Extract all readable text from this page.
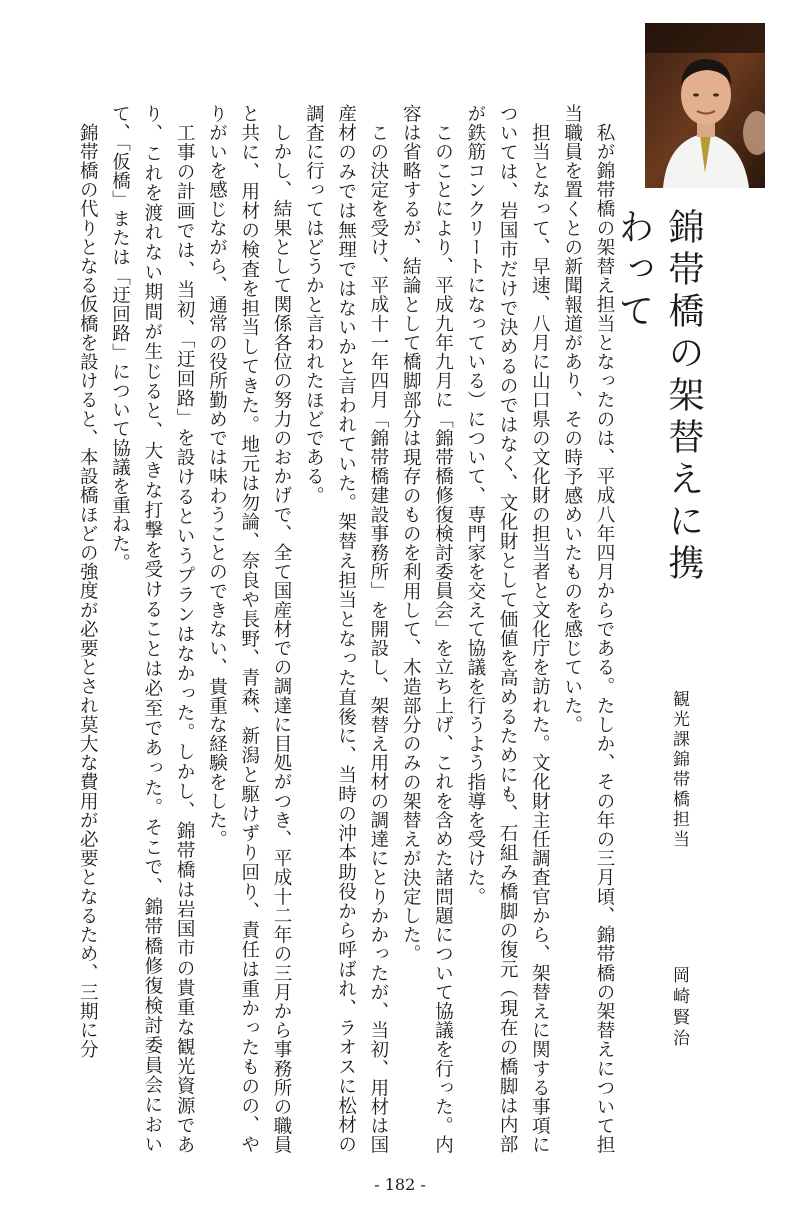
錦帯橋の架替えに携わって
観光課錦帯橋担当
岡崎賢治

私が錦帯橋の架替え担当となったのは、平成八年四月からである。たしか、その年の三月頃、錦帯橋の架替えについて担当職員を置くとの新聞報道があり、その時予感めいたものを感じていた。

担当となって、早速、八月に山口県の文化財の担当者と文化庁を訪れた。文化財主任調査官から、架替えに関する事項については、岩国市だけで決めるのではなく、文化財として価値を高めるためにも、石組み橋脚の復元（現在の橋脚は内部が鉄筋コンクリートになっている）について、専門家を交えて協議を行うよう指導を受けた。

このことにより、平成九年九月に「錦帯橋修復検討委員会」を立ち上げ、これを含めた諸問題について協議を行った。内容は省略するが、結論として橋脚部分は現存のものを利用して、木造部分のみの架替えが決定した。

この決定を受け、平成十一年四月「錦帯橋建設事務所」を開設し、架替え用材の調達にとりかかったが、当初、用材は国産材のみでは無理ではないかと言われていた。架替え担当となった直後に、当時の沖本助役から呼ばれ、ラオスに松材の調査に行ってはどうかと言われたほどである。

しかし、結果として関係各位の努力のおかげで、全て国産材での調達に目処がつき、平成十二年の三月から事務所の職員と共に、用材の検査を担当してきた。地元は勿論、奈良や長野、青森、新潟と駆けずり回り、責任は重かったものの、やりがいを感じながら、通常の役所勤めでは味わうことのできない、貴重な経験をした。

工事の計画では、当初、「迂回路」を設けるというプランはなかった。しかし、錦帯橋は岩国市の貴重な観光資源であり、これを渡れない期間が生じると、大きな打撃を受けることは必至であった。そこで、錦帯橋修復検討委員会において、「仮橋」または「迂回路」について協議を重ねた。

錦帯橋の代りとなる仮橋を設けると、本設橋ほどの強度が必要とされ莫大な費用が必要となるため、三期に分

- 182 -
